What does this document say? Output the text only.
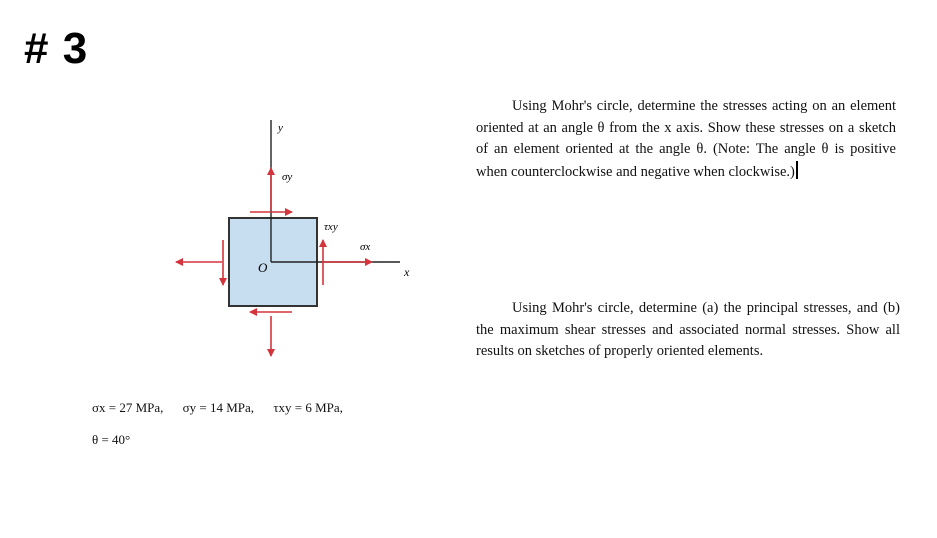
# 3
y
x
O
σy
σx
τxy
σx = 27 MPa, σy = 14 MPa, τxy = 6 MPa,
θ = 40°
Using Mohr's circle, determine the stresses acting on an element oriented at an angle θ from the x axis. Show these stresses on a sketch of an element oriented at the angle θ. (Note: The angle θ is positive when counterclockwise and negative when clockwise.)
Using Mohr's circle, determine (a) the principal stresses, and (b) the maximum shear stresses and associated normal stresses. Show all results on sketches of properly oriented elements.
